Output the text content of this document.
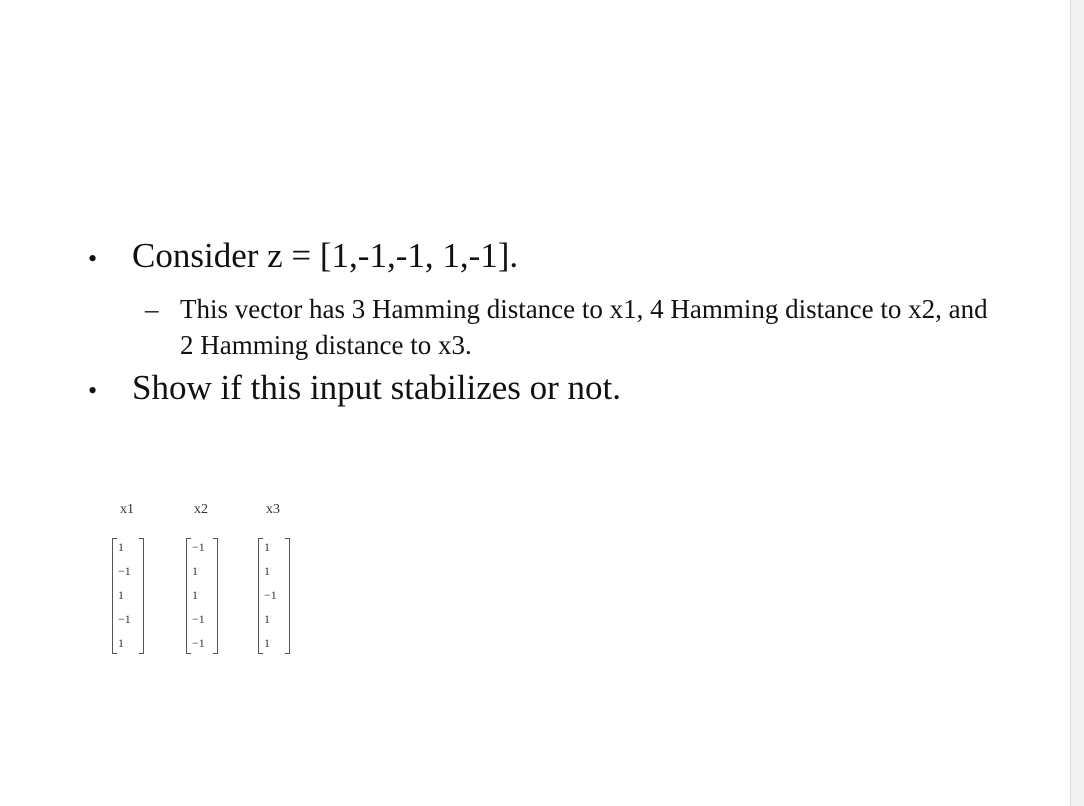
• Consider z = [1,-1,-1, 1,-1].
– This vector has 3 Hamming distance to x1, 4 Hamming distance to x2, and 2 Hamming distance to x3.
• Show if this input stabilizes or not.
x1
1
−1
1
−1
1
x2
−1
1
1
−1
−1
x3
1
1
−1
1
1
